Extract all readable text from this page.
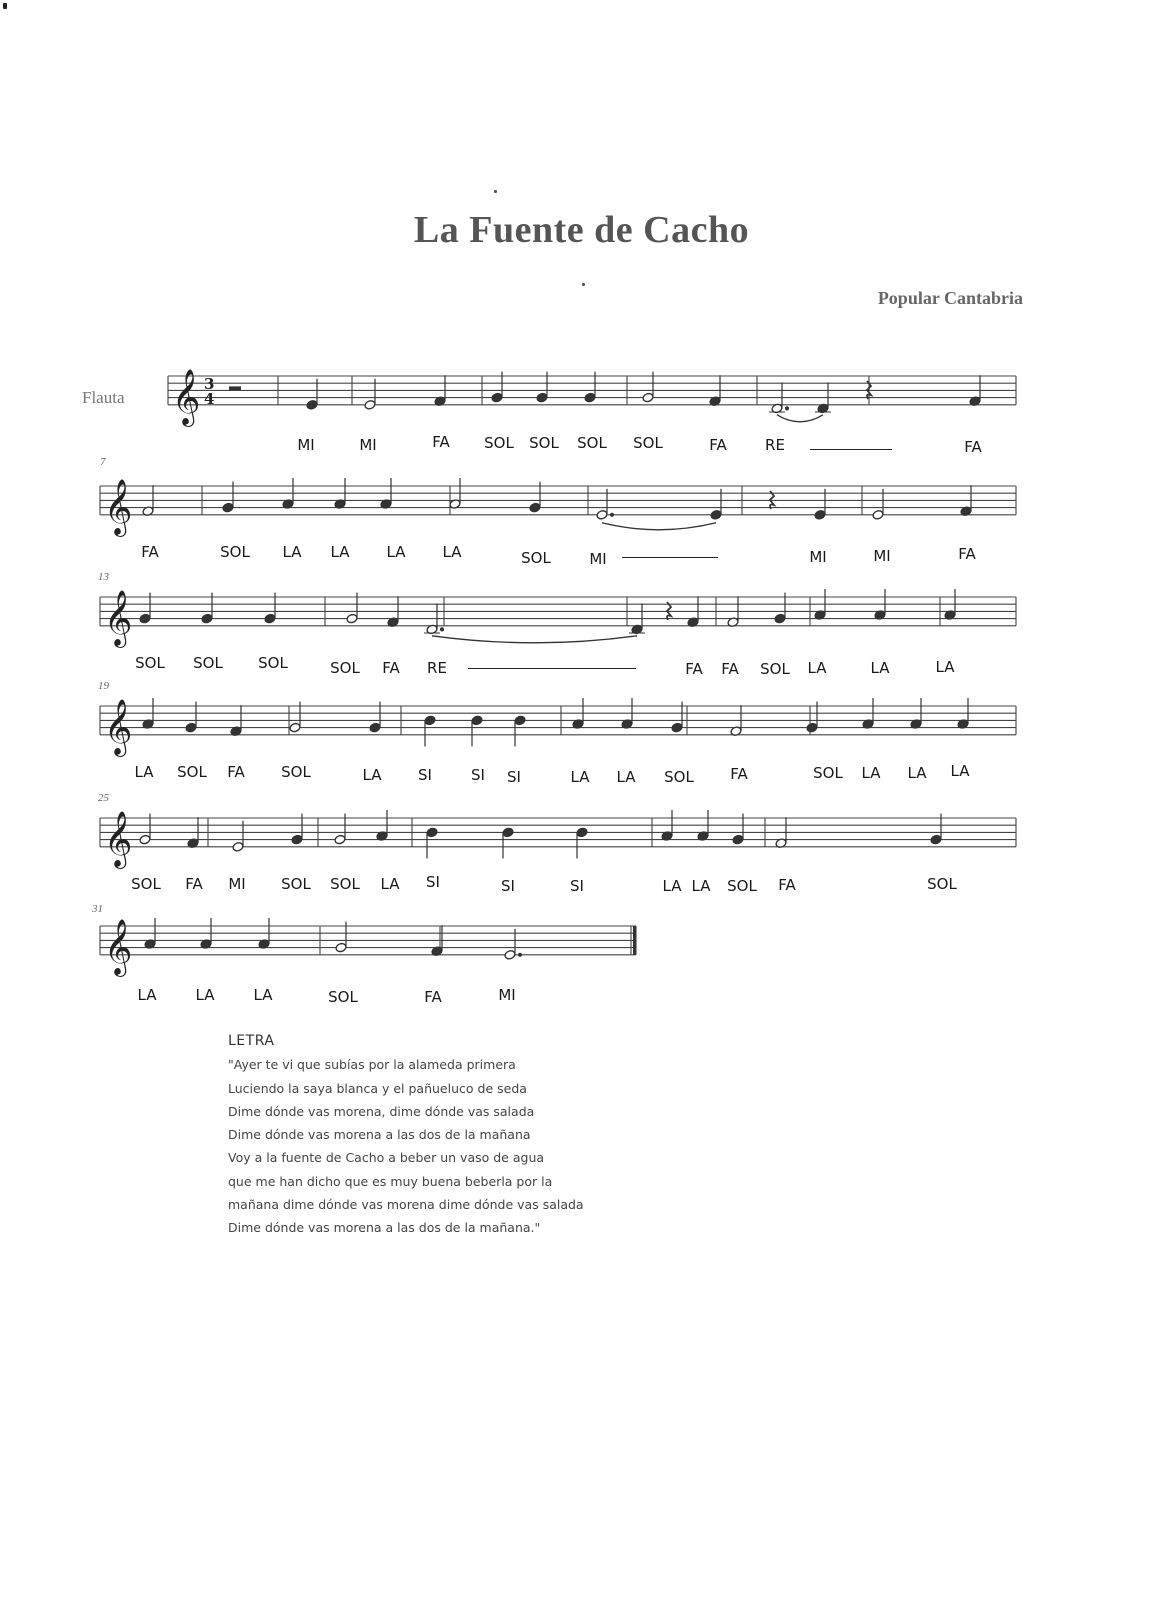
La Fuente de Cacho
Popular Cantabria
Flauta
7
13
19
25
31
𝄞 3
4
𝄞
𝄞
𝄞
𝄞
𝄞
MI	MI	FA SOL SOL SOL SOL	FA	RE	FA
FA	SOL LA LA LA LA	SOL	MI	MI	MI	FA
SOL SOL SOL	SOL FA RE	FA FA SOL LA	LA	LA
LA SOL FA SOL	LA SI	SI SI	LA LA SOL FA	SOL LA LA LA
SOL FA MI SOL SOL LA SI	SI	SI	LA LA SOL FA	SOL
LA	LA	LA	SOL	FA	MI
LETRA
"Ayer te vi que subías por la alameda primera
Luciendo la saya blanca y el pañueluco de seda
Dime dónde vas morena, dime dónde vas salada
Dime dónde vas morena a las dos de la mañana
Voy a la fuente de Cacho a beber un vaso de agua
que me han dicho que es muy buena beberla por la
mañana dime dónde vas morena dime dónde vas salada
Dime dónde vas morena a las dos de la mañana."
